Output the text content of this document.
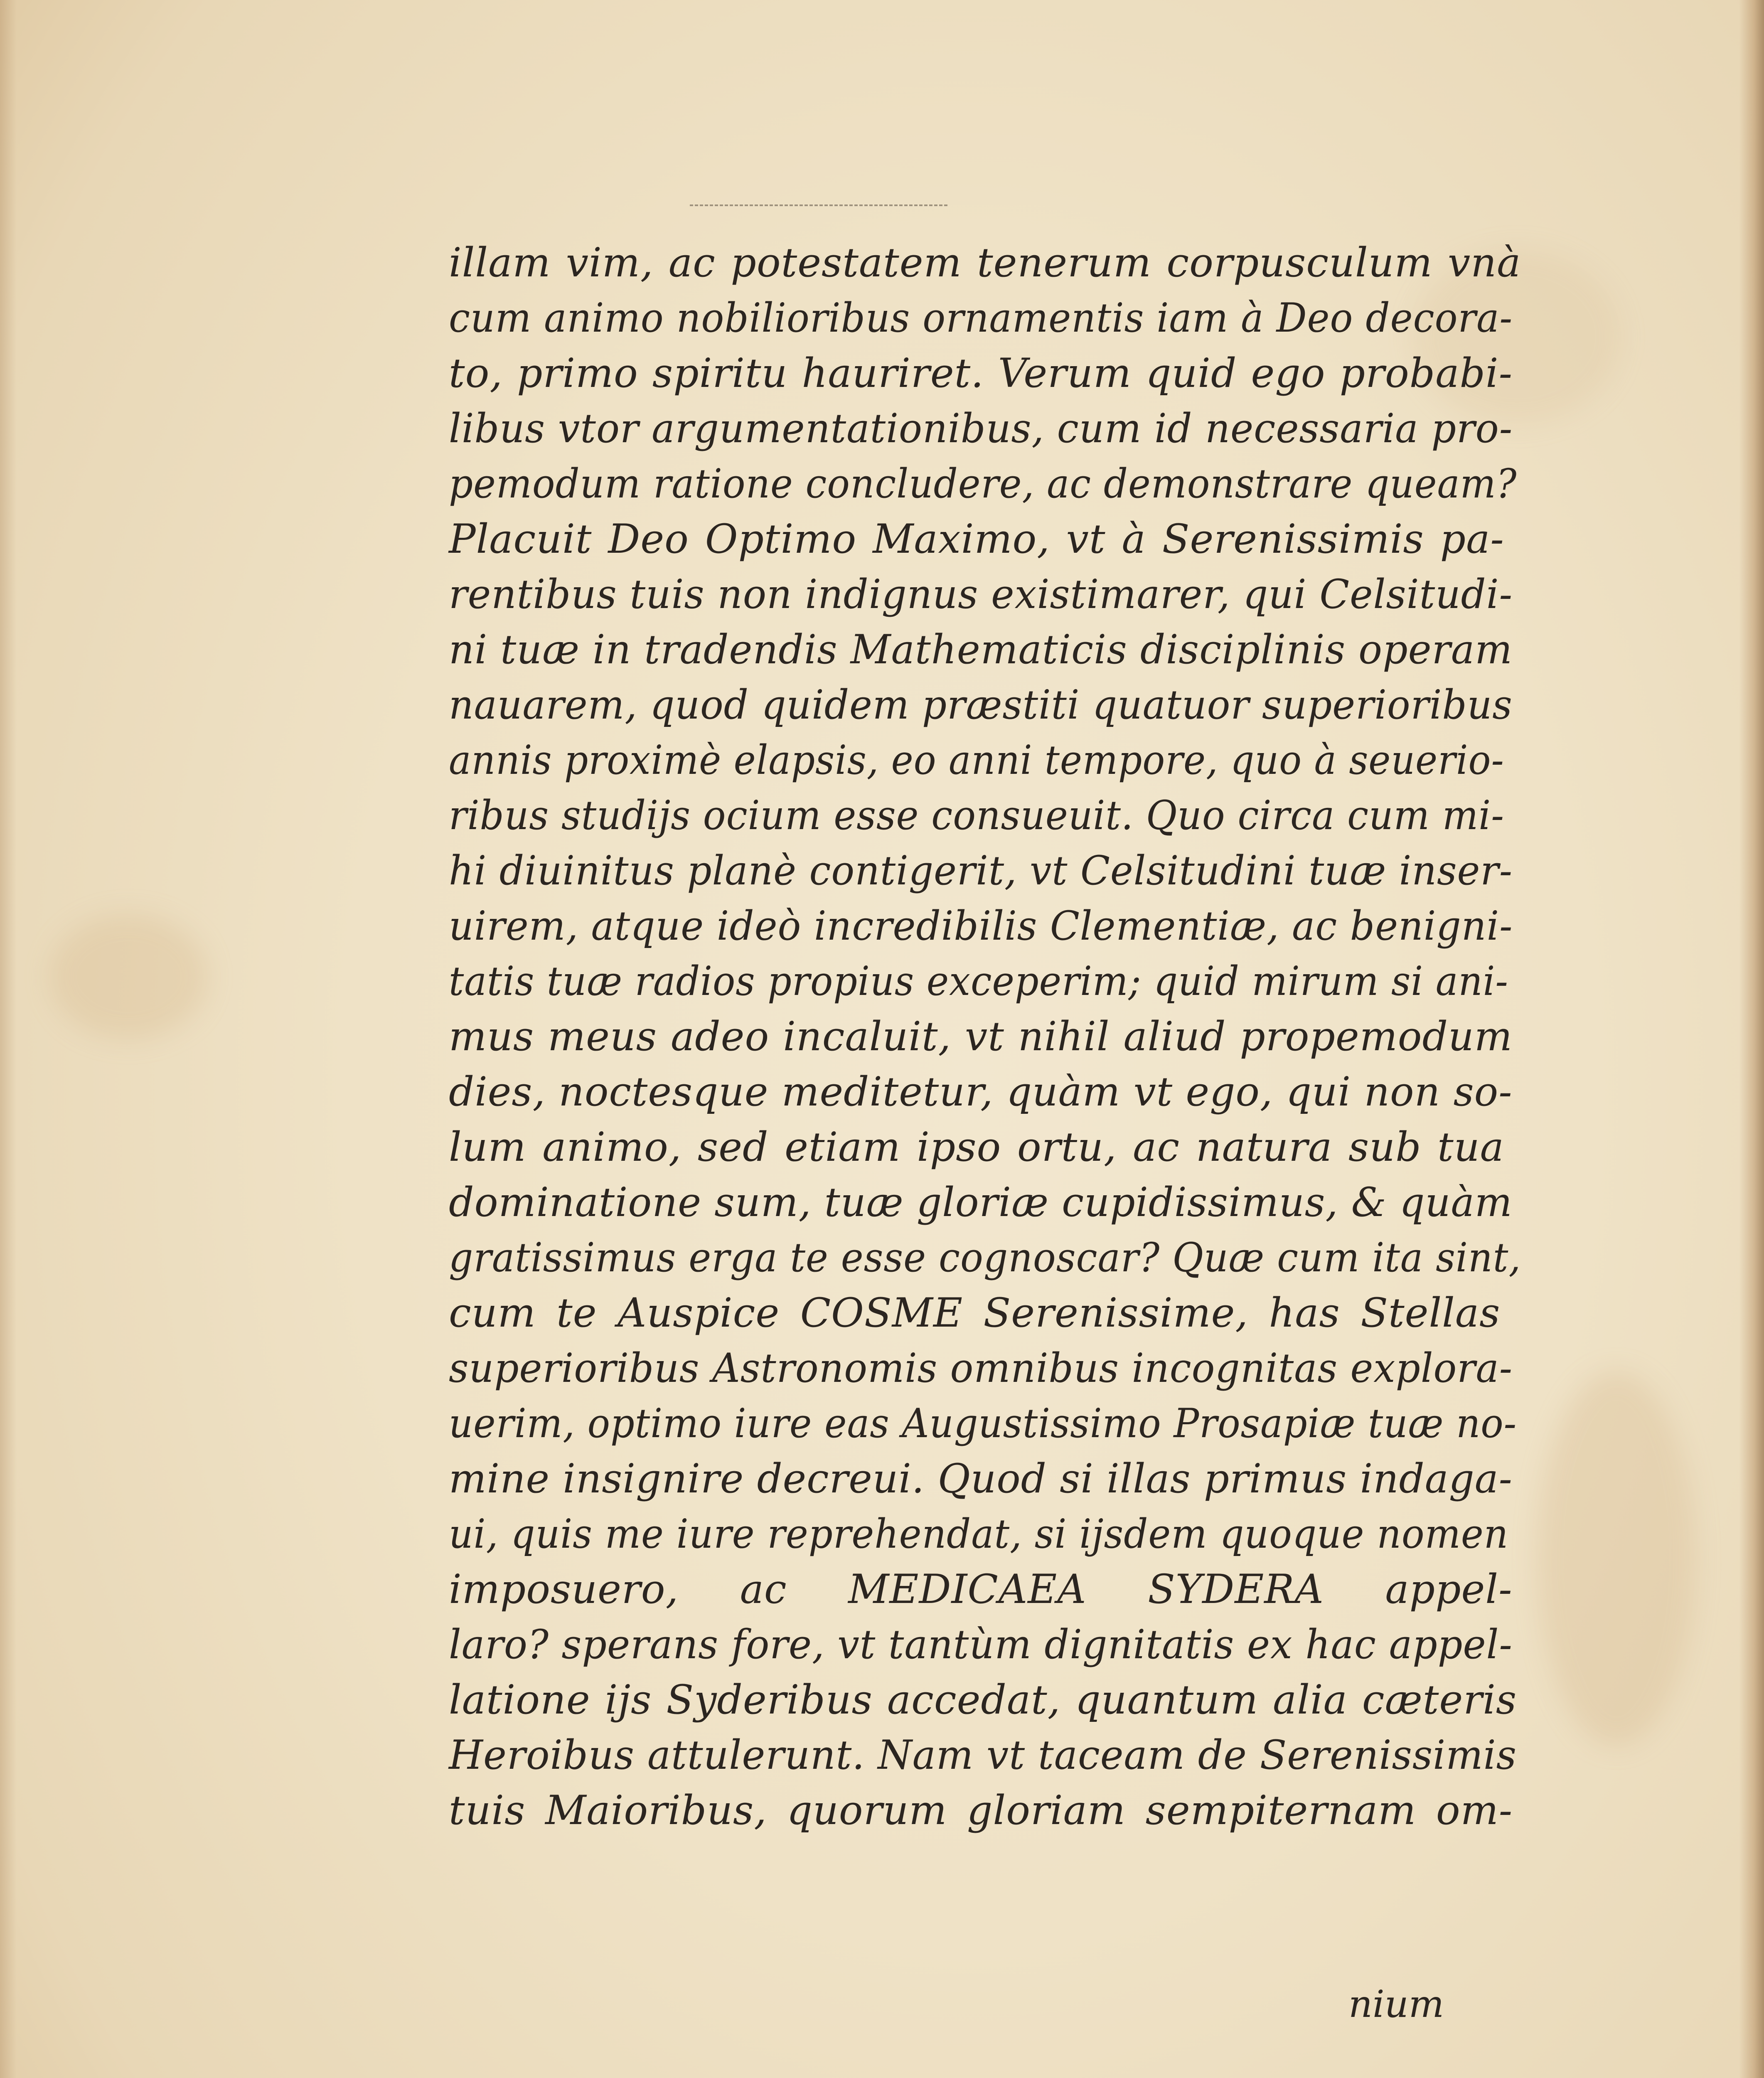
illam vim, ac potestatem tenerum corpusculum vnà
cum animo nobilioribus ornamentis iam à Deo decora-
to, primo spiritu hauriret. Verum quid ego probabi-
libus vtor argumentationibus, cum id necessaria pro-
pemodum ratione concludere, ac demonstrare queam?
Placuit Deo Optimo Maximo, vt à Serenissimis pa-
rentibus tuis non indignus existimarer, qui Celsitudi-
ni tuæ in tradendis Mathematicis disciplinis operam
nauarem, quod quidem præstiti quatuor superioribus
annis proximè elapsis, eo anni tempore, quo à seuerio-
ribus studijs ocium esse consueuit. Quo circa cum mi-
hi diuinitus planè contigerit, vt Celsitudini tuæ inser-
uirem, atque ideò incredibilis Clementiæ, ac benigni-
tatis tuæ radios propius exceperim; quid mirum si ani-
mus meus adeo incaluit, vt nihil aliud propemodum
dies, noctesque meditetur, quàm vt ego, qui non so-
lum animo, sed etiam ipso ortu, ac natura sub tua
dominatione sum, tuæ gloriæ cupidissimus, & quàm
gratissimus erga te esse cognoscar? Quæ cum ita sint,
cum te Auspice COSME Serenissime, has Stellas
superioribus Astronomis omnibus incognitas explora-
uerim, optimo iure eas Augustissimo Prosapiæ tuæ no-
mine insignire decreui. Quod si illas primus indaga-
ui, quis me iure reprehendat, si ijsdem quoque nomen
imposuero, ac MEDICAEA SYDERA appel-
laro? sperans fore, vt tantùm dignitatis ex hac appel-
latione ijs Syderibus accedat, quantum alia cæteris
Heroibus attulerunt. Nam vt taceam de Serenissimis
tuis Maioribus, quorum gloriam sempiternam om-
nium
